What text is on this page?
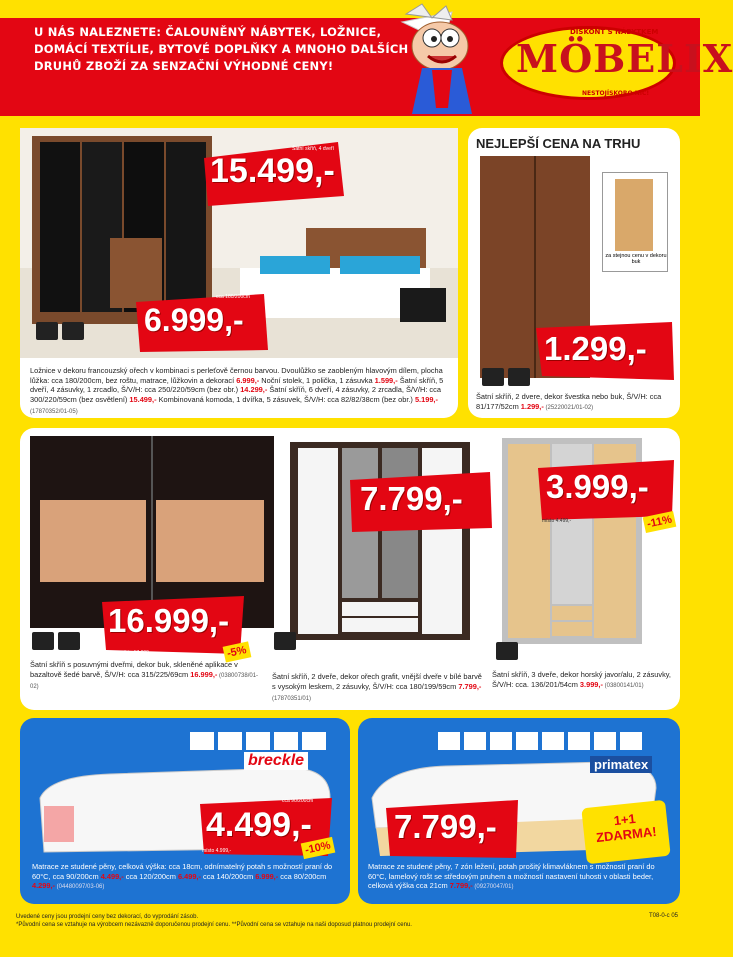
U NÁS NALEZNETE: ČALOUNĚNÝ NÁBYTEK, LOŽNICE,
DOMÁCÍ TEXTÍLIE, BYTOVÉ DOPLŇKY A MNOHO DALŠÍCH
DRUHŮ ZBOŽÍ ZA SENZAČNÍ VÝHODNÉ CENY!
DISKONT S NÁBYTKEM
MÖBELIX
NESTOJÍSKORO NIC!
15.499,-
Šatní skříň, 4 dveří
6.999,-
cca 180/200cm
Ložnice v dekoru francouzský ořech v kombinaci s perleťově černou barvou. Dvoulůžko se zaobleným hlavovým dílem, plocha lůžka: cca 180/200cm, bez roštu, matrace, lůžkovin a dekorací 6.999,- Noční stolek, 1 polička, 1 zásuvka 1.599,- Šatní skříň, 5 dveří, 4 zásuvky, 1 zrcadlo, Š/V/H: cca 250/220/59cm (bez obr.) 14.299,- Šatní skříň, 6 dveří, 4 zásuvky, 2 zrcadla, Š/V/H: cca 300/220/59cm (bez osvětlení) 15.499,- Kombinovaná komoda, 1 dvířka, 5 zásuvek, Š/V/H: cca 82/82/38cm (bez obr.) 5.199,- (17870352/01-05)
NEJLEPŠÍ CENA NA TRHU
za stejnou cenu v dekoru buk
1.299,-
Šatní skříň, 2 dvere, dekor švestka nebo buk, Š/V/H: cca 81/177/52cm 1.299,- (25220021/01-02)
16.999,-
místo 17.999,-	-5%
Šatní skříň s posuvnými dveřmi, dekor buk, skleněné aplikace v bazaltově šedé barvě, Š/V/H: cca 315/225/69cm 16.999,- (03800738/01-02)
7.799,-
Šatní skříň, 2 dveře, dekor ořech grafit, vnější dveře v bílé barvě s vysokým leskem, 2 zásuvky, Š/V/H: cca 180/199/59cm 7.799,- (17870351/01)
3.999,-
místo 4.499,-	-11%
Šatní skříň, 3 dveře, dekor horský javor/alu, 2 zásuvky, Š/V/H: cca. 136/201/54cm 3.999,- (03800141/01)
breckle
4.499,-
cca 90/200cm
místo 4.999,-	-10%
Matrace ze studené pěny, celková výška: cca 18cm, odnímatelný potah s možností praní do 60°C, cca 90/200cm 4.499,- cca 120/200cm 6.499,- cca 140/200cm 6.999,- cca 80/200cm 4.299,- (04480097/03-06)
primatex
7.799,-	1+1 ZDARMA!
Matrace ze studené pěny, 7 zón ležení, potah prošitý klimavláknem s možností praní do 60°C, lamelový rošt se středovým pruhem a možností nastavení tuhosti v oblasti beder, celková výška cca 21cm 7.799,- (09270047/01)
Uvedené ceny jsou prodejní ceny bez dekorací, do vyprodání zásob.
*Původní cena se vztahuje na výrobcem nezávazně doporučenou prodejní cenu. **Původní cena se vztahuje na naši doposud platnou prodejní cenu.
T08-0-c 05
